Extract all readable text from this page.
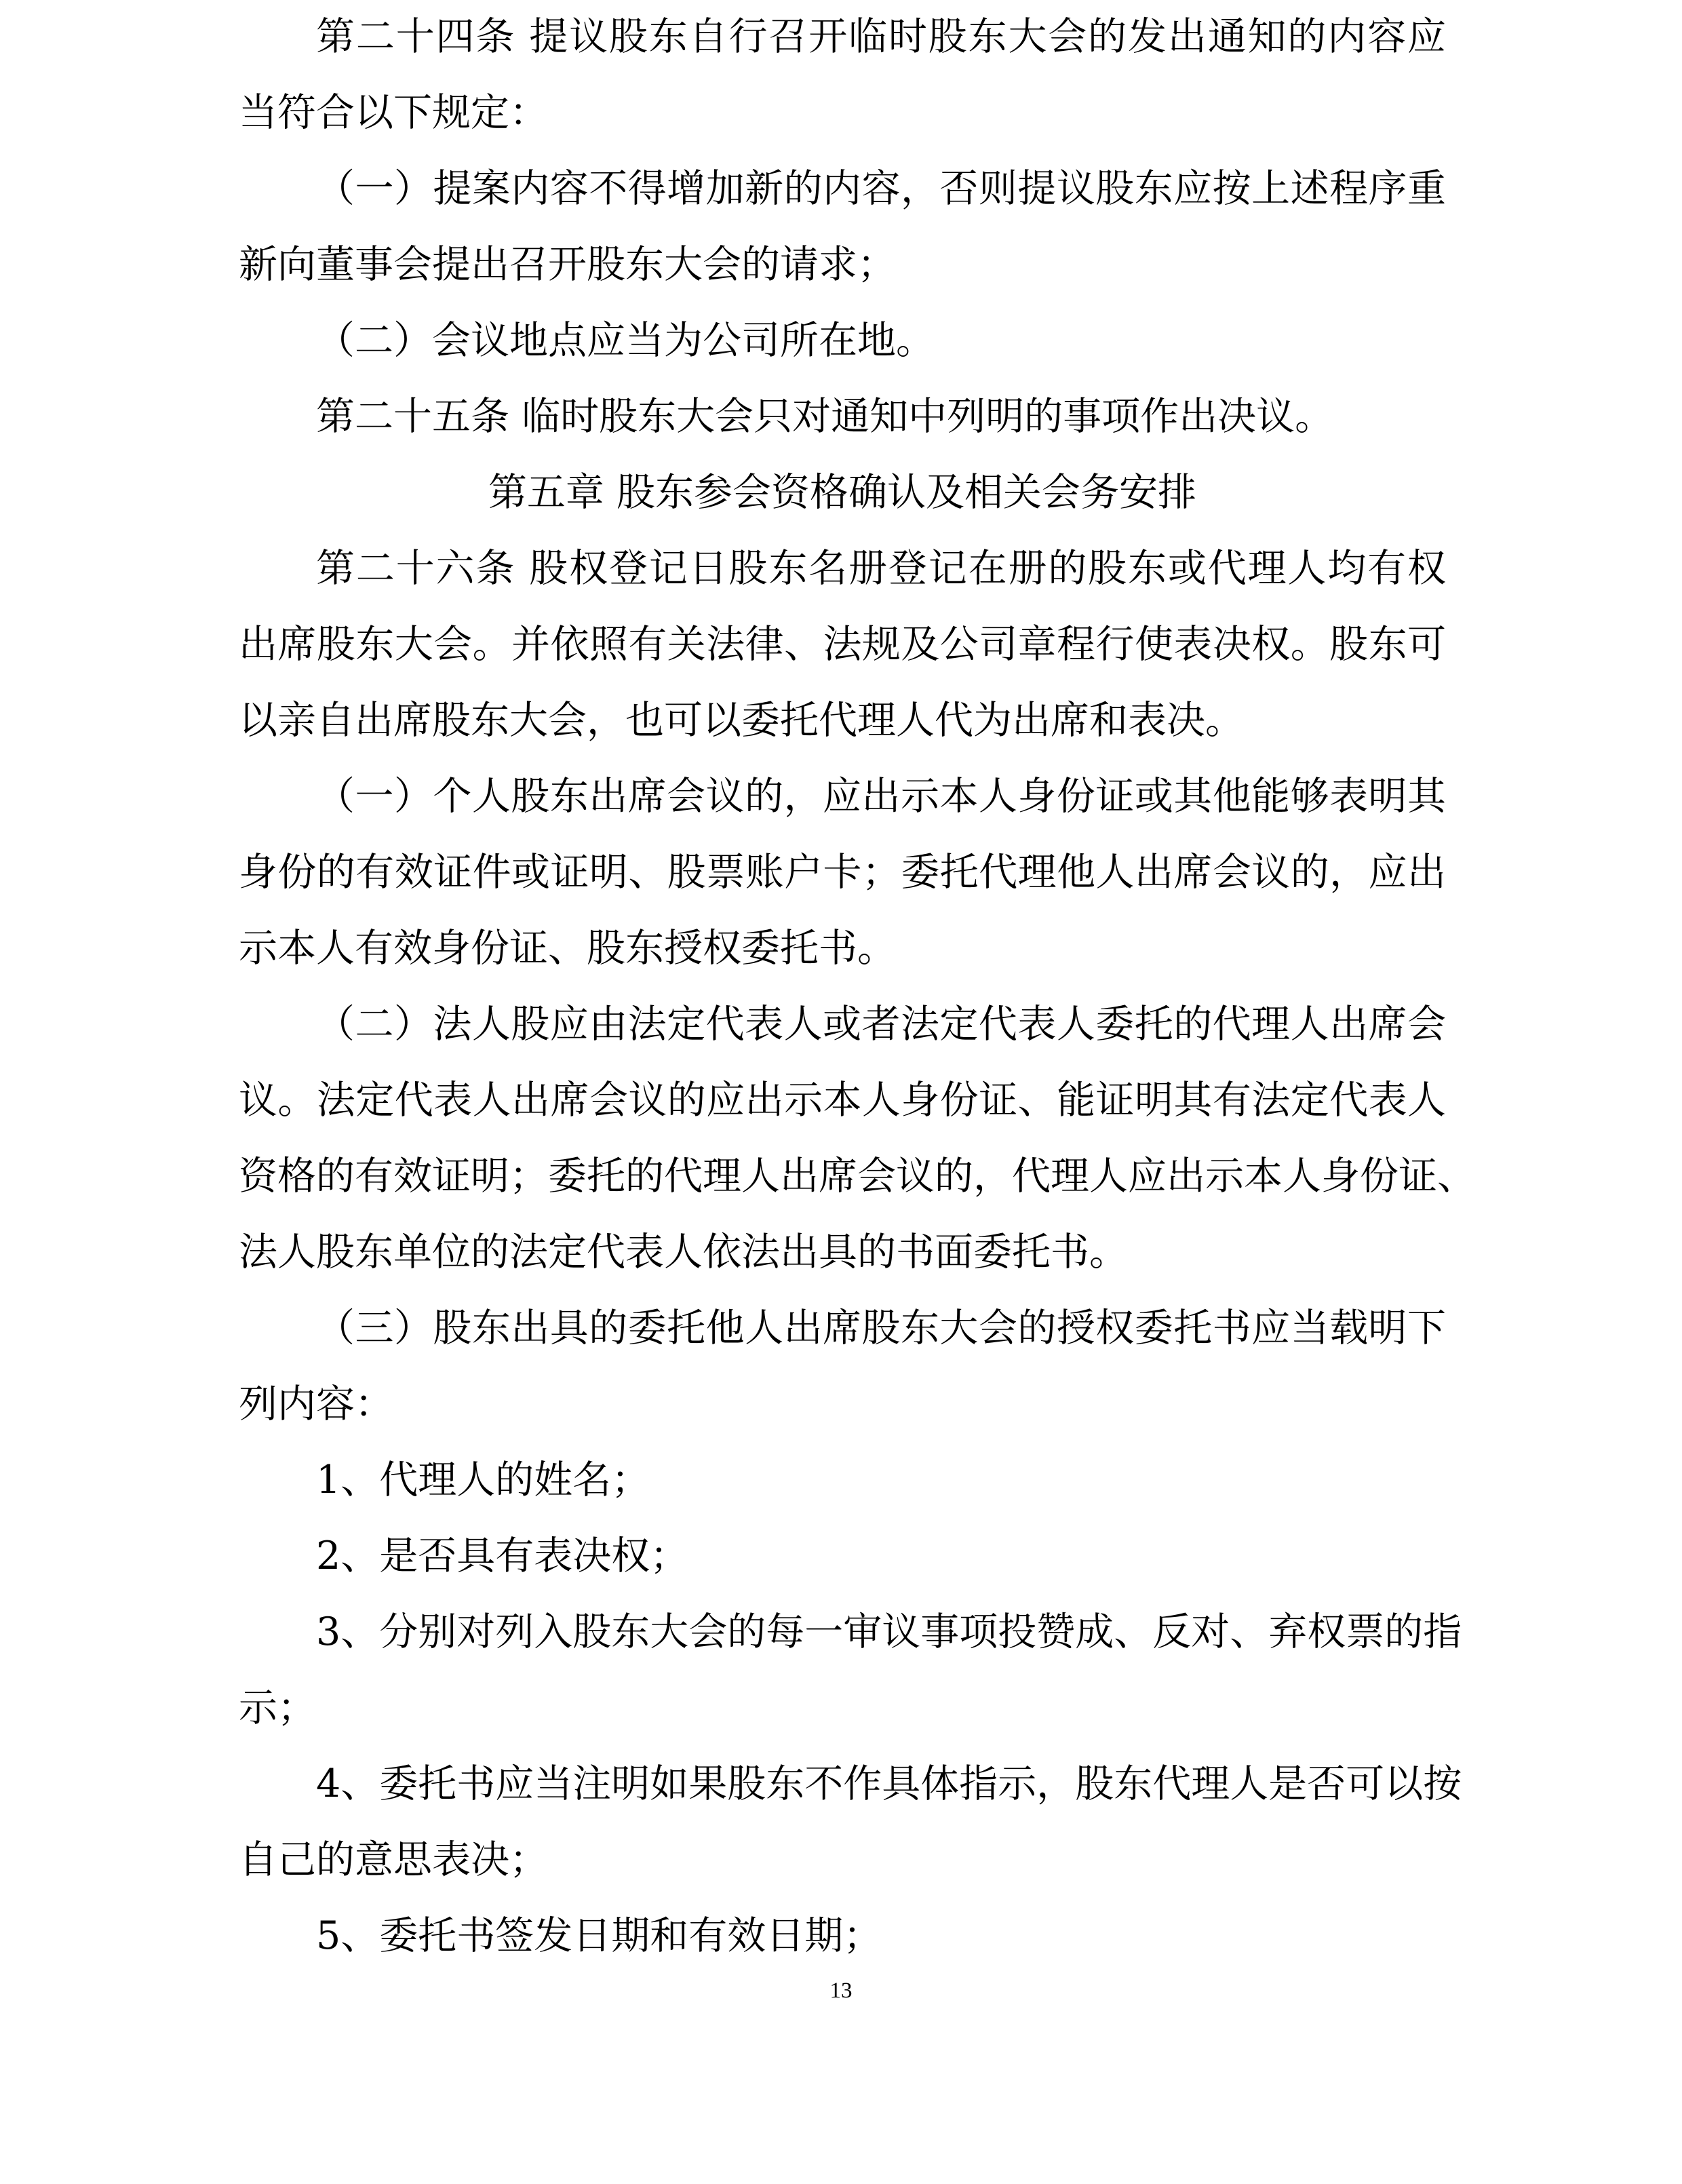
第二十四条 提议股东自行召开临时股东大会的发出通知的内容应
当符合以下规定：
（一）提案内容不得增加新的内容，否则提议股东应按上述程序重
新向董事会提出召开股东大会的请求；
（二）会议地点应当为公司所在地。
第二十五条 临时股东大会只对通知中列明的事项作出决议。
第五章 股东参会资格确认及相关会务安排
第二十六条 股权登记日股东名册登记在册的股东或代理人均有权
出席股东大会。并依照有关法律、法规及公司章程行使表决权。股东可
以亲自出席股东大会，也可以委托代理人代为出席和表决。
（一）个人股东出席会议的，应出示本人身份证或其他能够表明其
身份的有效证件或证明、股票账户卡；委托代理他人出席会议的，应出
示本人有效身份证、股东授权委托书。
（二）法人股应由法定代表人或者法定代表人委托的代理人出席会
议。法定代表人出席会议的应出示本人身份证、能证明其有法定代表人
资格的有效证明；委托的代理人出席会议的，代理人应出示本人身份证、
法人股东单位的法定代表人依法出具的书面委托书。
（三）股东出具的委托他人出席股东大会的授权委托书应当载明下
列内容：
1、代理人的姓名；
2、是否具有表决权；
3、分别对列入股东大会的每一审议事项投赞成、反对、弃权票的指
示；
4、委托书应当注明如果股东不作具体指示，股东代理人是否可以按
自己的意思表决；
5、委托书签发日期和有效日期；
13
